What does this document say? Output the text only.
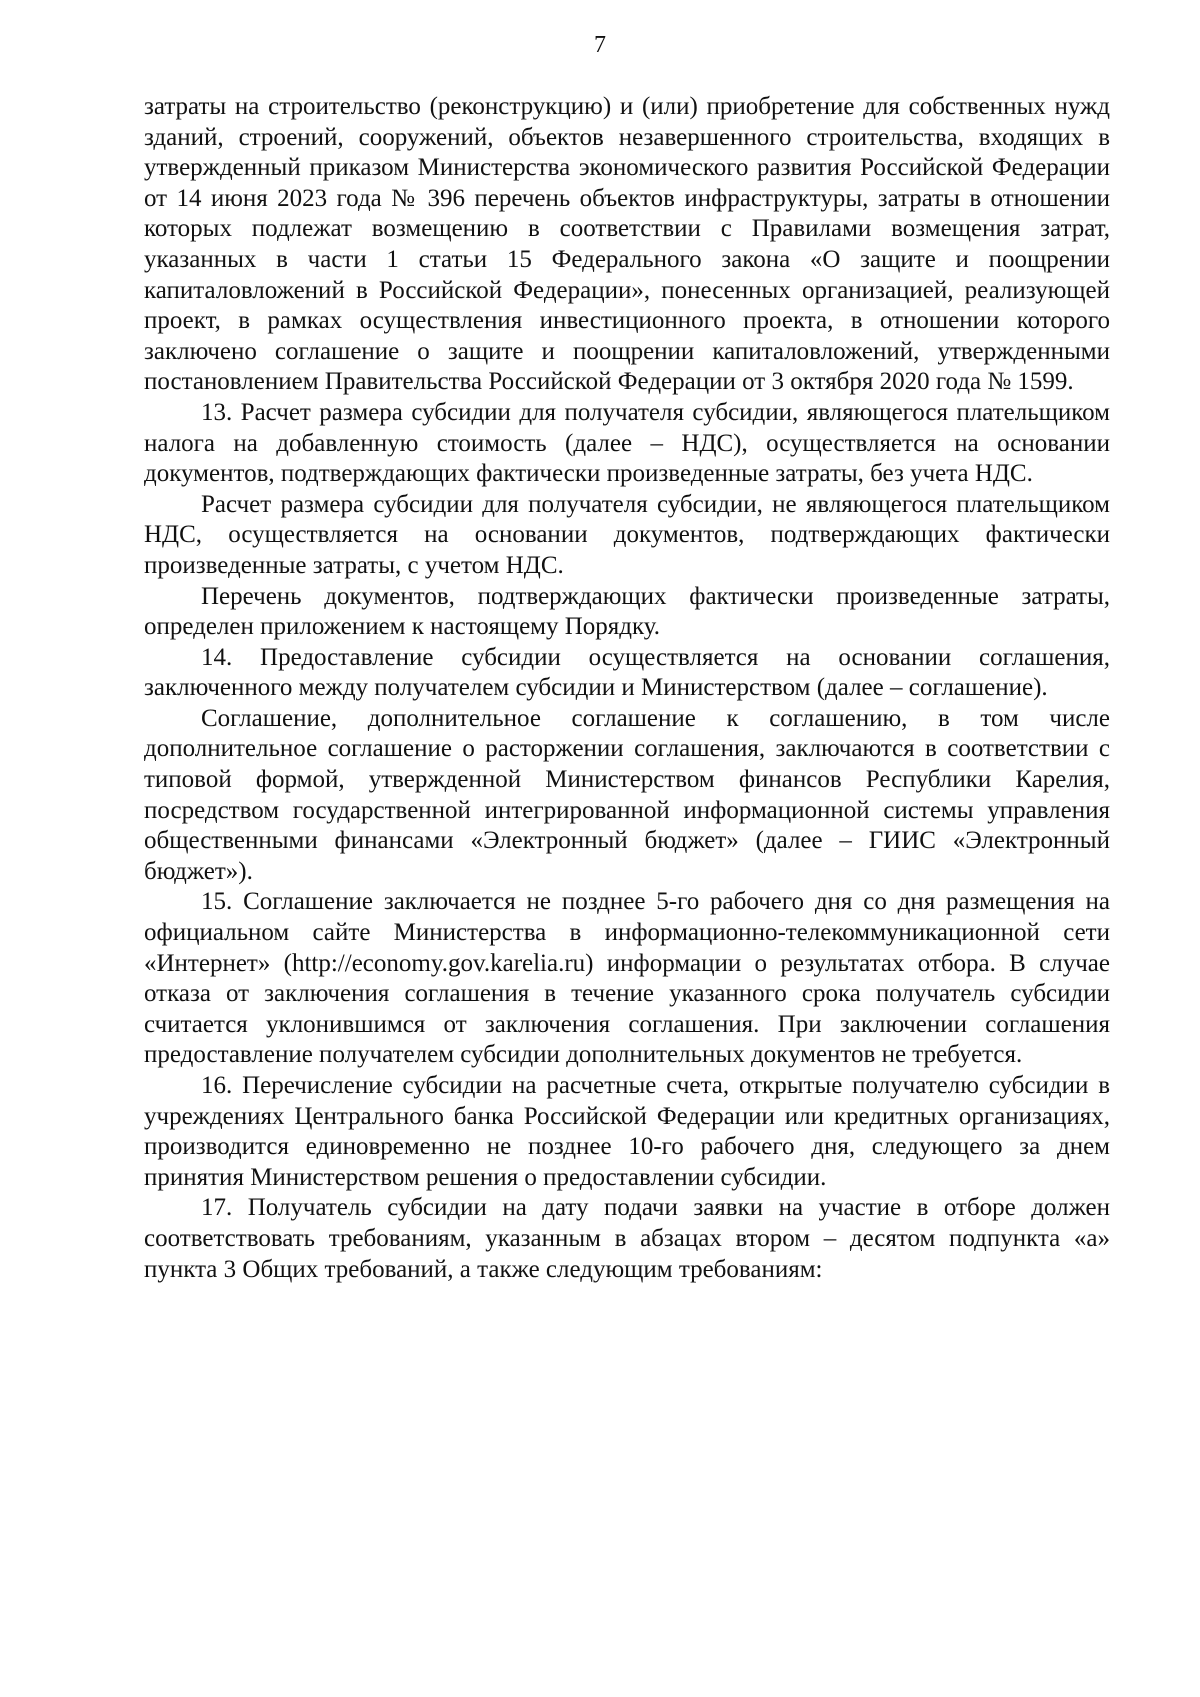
7

затраты на строительство (реконструкцию) и (или) приобретение для собственных нужд зданий, строений, сооружений, объектов незавершенного строительства, входящих в утвержденный приказом Министерства экономического развития Российской Федерации от 14 июня 2023 года № 396 перечень объектов инфраструктуры, затраты в отношении которых подлежат возмещению в соответствии с Правилами возмещения затрат, указанных в части 1 статьи 15 Федерального закона «О защите и поощрении капиталовложений в Российской Федерации», понесенных организацией, реализующей проект, в рамках осуществления инвестиционного проекта, в отношении которого заключено соглашение о защите и поощрении капиталовложений, утвержденными постановлением Правительства Российской Федерации от 3 октября 2020 года № 1599.

13. Расчет размера субсидии для получателя субсидии, являющегося плательщиком налога на добавленную стоимость (далее – НДС), осуществляется на основании документов, подтверждающих фактически произведенные затраты, без учета НДС.

Расчет размера субсидии для получателя субсидии, не являющегося плательщиком НДС, осуществляется на основании документов, подтверждающих фактически произведенные затраты, с учетом НДС.

Перечень документов, подтверждающих фактически произведенные затраты, определен приложением к настоящему Порядку.

14. Предоставление субсидии осуществляется на основании соглашения, заключенного между получателем субсидии и Министерством (далее – соглашение).

Соглашение, дополнительное соглашение к соглашению, в том числе дополнительное соглашение о расторжении соглашения, заключаются в соответствии с типовой формой, утвержденной Министерством финансов Республики Карелия, посредством государственной интегрированной информационной системы управления общественными финансами «Электронный бюджет» (далее – ГИИС «Электронный бюджет»).

15. Соглашение заключается не позднее 5-го рабочего дня со дня размещения на официальном сайте Министерства в информационно-телекоммуникационной сети «Интернет» (http://economy.gov.karelia.ru) информации о результатах отбора. В случае отказа от заключения соглашения в течение указанного срока получатель субсидии считается уклонившимся от заключения соглашения. При заключении соглашения предоставление получателем субсидии дополнительных документов не требуется.

16. Перечисление субсидии на расчетные счета, открытые получателю субсидии в учреждениях Центрального банка Российской Федерации или кредитных организациях, производится единовременно не позднее 10-го рабочего дня, следующего за днем принятия Министерством решения о предоставлении субсидии.

17. Получатель субсидии на дату подачи заявки на участие в отборе должен соответствовать требованиям, указанным в абзацах втором – десятом подпункта «а» пункта 3 Общих требований, а также следующим требованиям:
